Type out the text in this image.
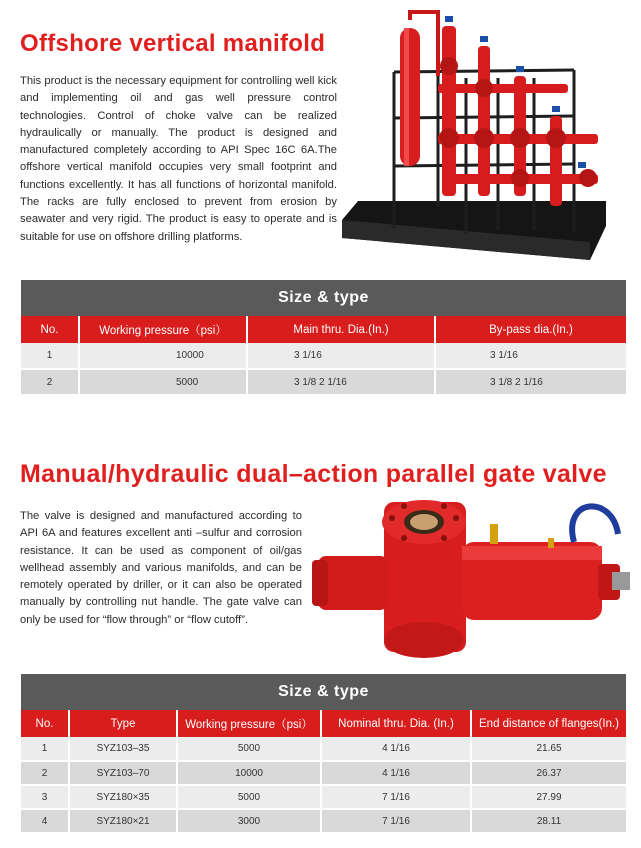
Offshore vertical manifold

This product is the necessary equipment for controlling well kick and implementing oil and gas well pressure control technologies. Control of choke valve can be realized hydraulically or manually. The product is designed and manufactured completely according to API Spec 16C 6A.The offshore vertical manifold occupies very small footprint and functions excellently. It has all functions of horizontal manifold. The racks are fully enclosed to prevent from erosion by seawater and very rigid. The product is easy to operate and is suitable for use on offshore drilling platforms.

Size & type			
No.	Working pressure（psi）	Main thru. Dia.(In.)	By-pass dia.(In.)
1	10000	3 1/16	3 1/16
2	5000	3 1/8 2 1/16	3 1/8 2 1/16
Manual/hydraulic dual–action parallel gate valve

The valve is designed and manufactured according to API 6A and features excellent anti –sulfur and corrosion resistance. It can be used as component of oil/gas wellhead assembly and various manifolds, and can be remotely operated by driller, or it can also be operated manually by controlling nut handle. The gate valve can only be used for “flow through” or “flow cutoff”.

Size & type				
No.	Type	Working pressure（psi）	Nominal thru. Dia. (In.)	End distance of flanges(In.)
1	SYZ103–35	5000	4 1/16	21.65
2	SYZ103–70	10000	4 1/16	26.37
3	SYZ180×35	5000	7 1/16	27.99
4	SYZ180×21	3000	7 1/16	28.11
